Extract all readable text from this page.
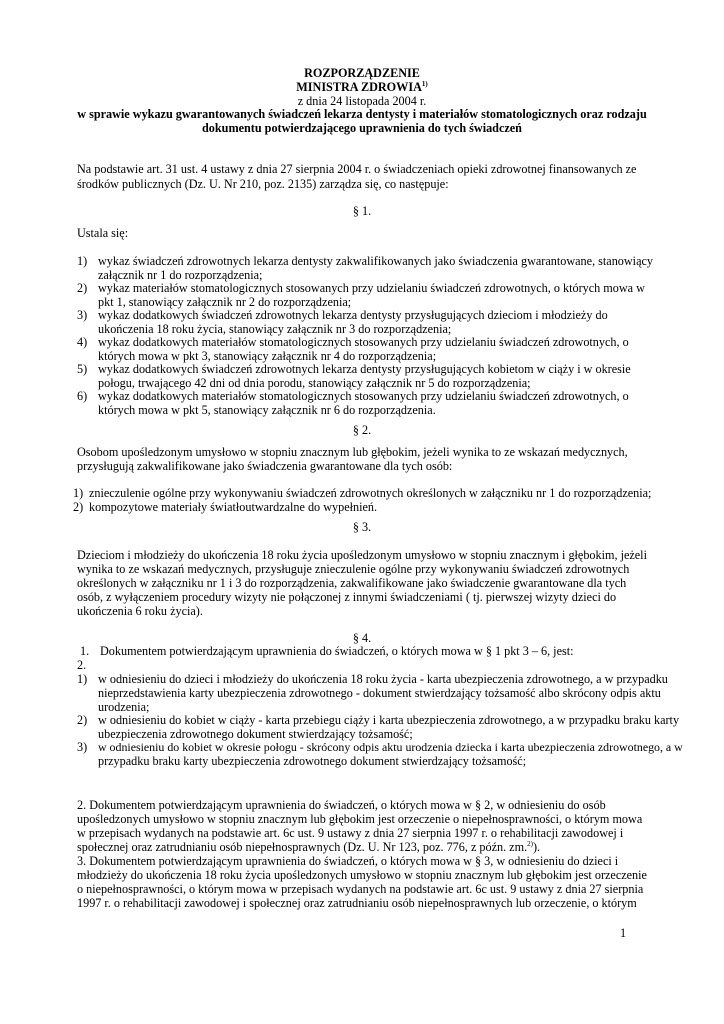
ROZPORZĄDZENIE
MINISTRA ZDROWIA$^{1)}$
z dnia 24 listopada 2004 r.
w sprawie wykazu gwarantowanych świadczeń lekarza dentysty i materiałów stomatologicznych oraz rodzaju
dokumentu potwierdzającego uprawnienia do tych świadczeń
Na podstawie art. 31 ust. 4 ustawy z dnia 27 sierpnia 2004 r. o świadczeniach opieki zdrowotnej finansowanych ze
środków publicznych (Dz. U. Nr 210, poz. 2135) zarządza się, co następuje:
§ 1.
Ustala się:
1) wykaz świadczeń zdrowotnych lekarza dentysty zakwalifikowanych jako świadczenia gwarantowane, stanowiący
załącznik nr 1 do rozporządzenia;
2) wykaz materiałów stomatologicznych stosowanych przy udzielaniu świadczeń zdrowotnych, o których mowa w
pkt 1, stanowiący załącznik nr 2 do rozporządzenia;
3) wykaz dodatkowych świadczeń zdrowotnych lekarza dentysty przysługujących dzieciom i młodzieży do
ukończenia 18 roku życia, stanowiący załącznik nr 3 do rozporządzenia;
4) wykaz dodatkowych materiałów stomatologicznych stosowanych przy udzielaniu świadczeń zdrowotnych, o
których mowa w pkt 3, stanowiący załącznik nr 4 do rozporządzenia;
5) wykaz dodatkowych świadczeń zdrowotnych lekarza dentysty przysługujących kobietom w ciąży i w okresie
połogu, trwającego 42 dni od dnia porodu, stanowiący załącznik nr 5 do rozporządzenia;
6) wykaz dodatkowych materiałów stomatologicznych stosowanych przy udzielaniu świadczeń zdrowotnych, o
których mowa w pkt 5, stanowiący załącznik nr 6 do rozporządzenia.
§ 2.
Osobom upośledzonym umysłowo w stopniu znacznym lub głębokim, jeżeli wynika to ze wskazań medycznych,
przysługują zakwalifikowane jako świadczenia gwarantowane dla tych osób:
1) znieczulenie ogólne przy wykonywaniu świadczeń zdrowotnych określonych w załączniku nr 1 do rozporządzenia;
2) kompozytowe materiały światłoutwardzalne do wypełnień.
§ 3.
Dzieciom i młodzieży do ukończenia 18 roku życia upośledzonym umysłowo w stopniu znacznym i głębokim, jeżeli
wynika to ze wskazań medycznych, przysługuje znieczulenie ogólne przy wykonywaniu świadczeń zdrowotnych
określonych w załączniku nr 1 i 3 do rozporządzenia, zakwalifikowane jako świadczenie gwarantowane dla tych
osób, z wyłączeniem procedury wizyty nie połączonej z innymi świadczeniami ( tj. pierwszej wizyty dzieci do
ukończenia 6 roku życia).
§ 4.
1. Dokumentem potwierdzającym uprawnienia do świadczeń, o których mowa w § 1 pkt 3 – 6, jest:
2.
1) w odniesieniu do dzieci i młodzieży do ukończenia 18 roku życia - karta ubezpieczenia zdrowotnego, a w przypadku
nieprzedstawienia karty ubezpieczenia zdrowotnego - dokument stwierdzający tożsamość albo skrócony odpis aktu
urodzenia;
2) w odniesieniu do kobiet w ciąży - karta przebiegu ciąży i karta ubezpieczenia zdrowotnego, a w przypadku braku karty
ubezpieczenia zdrowotnego dokument stwierdzający tożsamość;
3) w odniesieniu do kobiet w okresie połogu - skrócony odpis aktu urodzenia dziecka i karta ubezpieczenia zdrowotnego, a w
przypadku braku karty ubezpieczenia zdrowotnego dokument stwierdzający tożsamość;
2. Dokumentem potwierdzającym uprawnienia do świadczeń, o których mowa w § 2, w odniesieniu do osób
upośledzonych umysłowo w stopniu znacznym lub głębokim jest orzeczenie o niepełnosprawności, o którym mowa
w przepisach wydanych na podstawie art. 6c ust. 9 ustawy z dnia 27 sierpnia 1997 r. o rehabilitacji zawodowej i
społecznej oraz zatrudnianiu osób niepełnosprawnych (Dz. U. Nr 123, poz. 776, z późn. zm.$^{2)}$).
3. Dokumentem potwierdzającym uprawnienia do świadczeń, o których mowa w § 3, w odniesieniu do dzieci i
młodzieży do ukończenia 18 roku życia upośledzonych umysłowo w stopniu znacznym lub głębokim jest orzeczenie
o niepełnosprawności, o którym mowa w przepisach wydanych na podstawie art. 6c ust. 9 ustawy z dnia 27 sierpnia
1997 r. o rehabilitacji zawodowej i społecznej oraz zatrudnianiu osób niepełnosprawnych lub orzeczenie, o którym
1
